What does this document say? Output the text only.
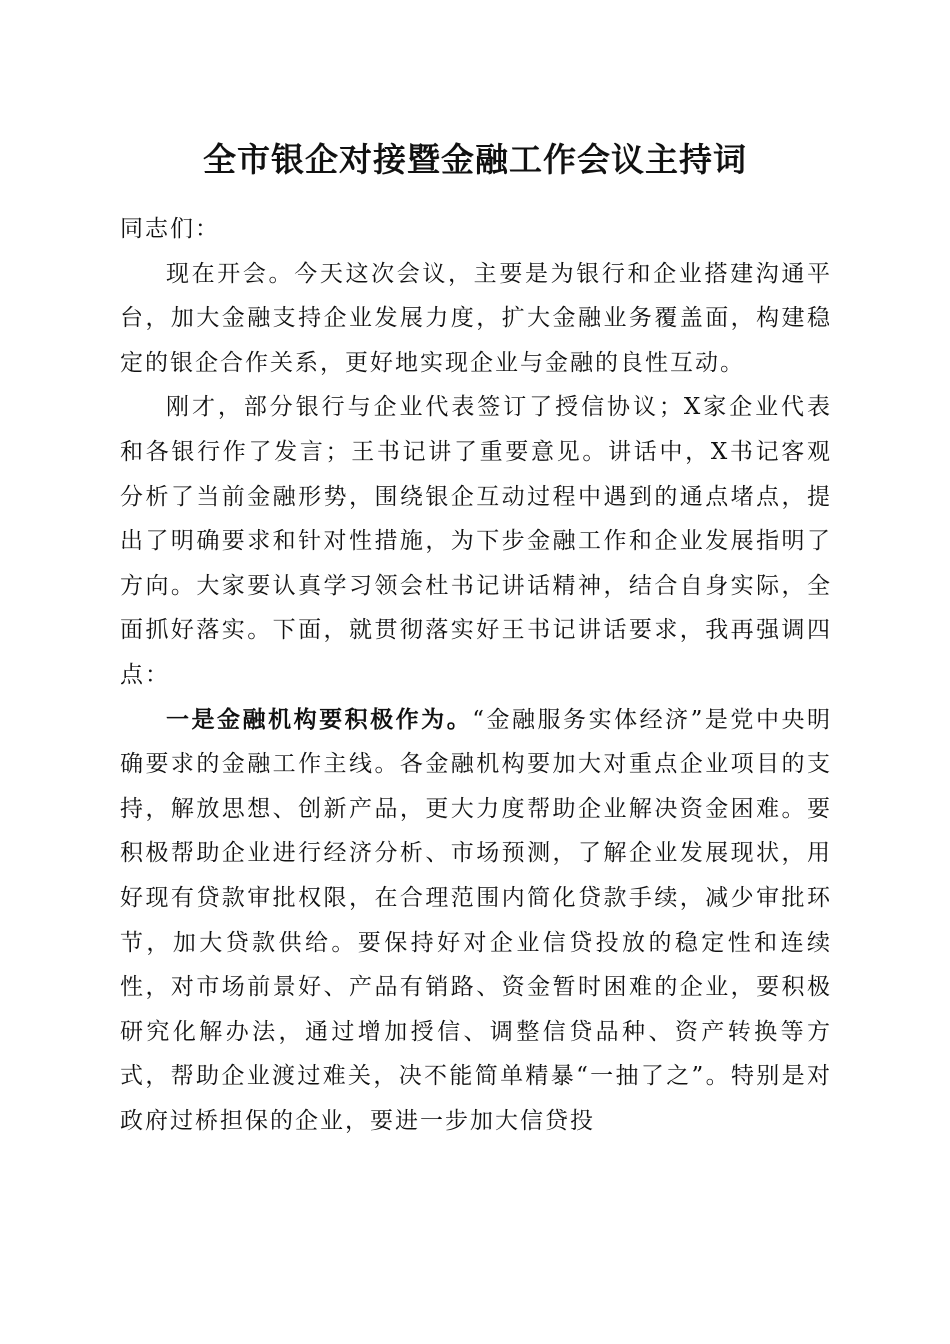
全市银企对接暨金融工作会议主持词

同志们：

现在开会。今天这次会议，主要是为银行和企业搭建沟通平台，加大金融支持企业发展力度，扩大金融业务覆盖面，构建稳定的银企合作关系，更好地实现企业与金融的良性互动。

刚才，部分银行与企业代表签订了授信协议；X家企业代表和各银行作了发言；王书记讲了重要意见。讲话中，X书记客观分析了当前金融形势，围绕银企互动过程中遇到的通点堵点，提出了明确要求和针对性措施，为下步金融工作和企业发展指明了方向。大家要认真学习领会杜书记讲话精神，结合自身实际，全面抓好落实。下面，就贯彻落实好王书记讲话要求，我再强调四点：

一是金融机构要积极作为。“金融服务实体经济”是党中央明确要求的金融工作主线。各金融机构要加大对重点企业项目的支持，解放思想、创新产品，更大力度帮助企业解决资金困难。要积极帮助企业进行经济分析、市场预测，了解企业发展现状，用好现有贷款审批权限，在合理范围内简化贷款手续，减少审批环节，加大贷款供给。要保持好对企业信贷投放的稳定性和连续性，对市场前景好、产品有销路、资金暂时困难的企业，要积极研究化解办法，通过增加授信、调整信贷品种、资产转换等方式，帮助企业渡过难关，决不能简单精暴“一抽了之”。特别是对政府过桥担保的企业，要进一步加大信贷投
